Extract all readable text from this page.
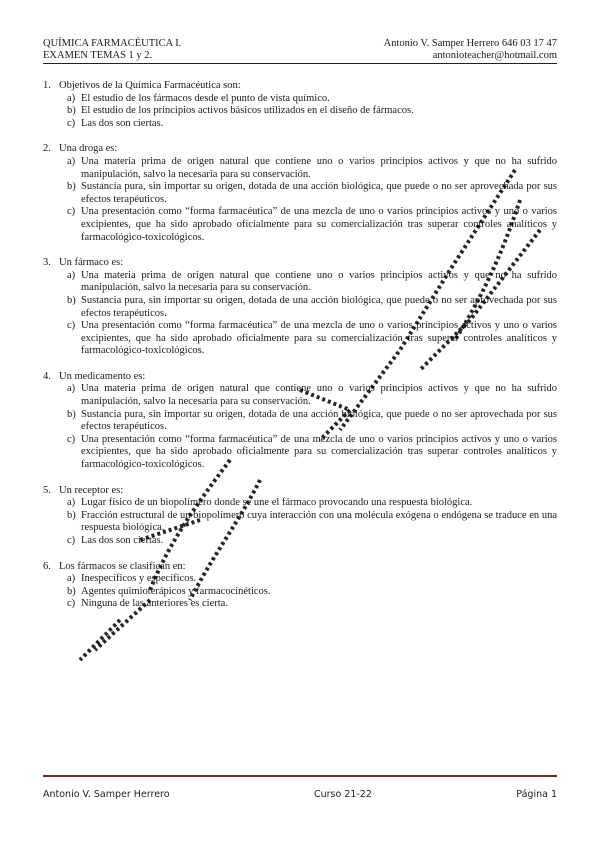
QUÍMICA FARMACÉUTICA I.	Antonio V. Samper Herrero 646 03 17 47
EXAMEN TEMAS 1 y 2.	antonioteacher@hotmail.com
1. Objetivos de la Química Farmacéutica son:
a) El estudio de los fármacos desde el punto de vista químico.
b) El estudio de los principios activos básicos utilizados en el diseño de fármacos.
c) Las dos son ciertas.
2. Una droga es:
a) Una materia prima de origen natural que contiene uno o varios principios activos y que no ha sufrido manipulación, salvo la necesaria para su conservación.
b) Sustancia pura, sin importar su origen, dotada de una acción biológica, que puede o no ser aprovechada por sus efectos terapéuticos.
c) Una presentación como “forma farmacéutica” de una mezcla de uno o varios principios activos y uno o varios excipientes, que ha sido aprobado oficialmente para su comercialización tras superar controles analíticos y farmacológico-toxicológicos.
3. Un fármaco es:
a) Una materia prima de origen natural que contiene uno o varios principios activos y que no ha sufrido manipulación, salvo la necesaria para su conservación.
b) Sustancia pura, sin importar su origen, dotada de una acción biológica, que puede o no ser aprovechada por sus efectos terapéuticos.
c) Una presentación como “forma farmacéutica” de una mezcla de uno o varios principios activos y uno o varios excipientes, que ha sido aprobado oficialmente para su comercialización tras superar controles analíticos y farmacológico-toxicológicos.
4. Un medicamento es:
a) Una materia prima de origen natural que contiene uno o varios principios activos y que no ha sufrido manipulación, salvo la necesaria para su conservación.
b) Sustancia pura, sin importar su origen, dotada de una acción biológica, que puede o no ser aprovechada por sus efectos terapéuticos.
c) Una presentación como “forma farmacéutica” de una mezcla de uno o varios principios activos y uno o varios excipientes, que ha sido aprobado oficialmente para su comercialización tras superar controles analíticos y farmacológico-toxicológicos.
5. Un receptor es:
a) Lugar físico de un biopolímero donde se une el fármaco provocando una respuesta biológica.
b) Fracción estructural de un biopolímero cuya interacción con una molécula exógena o endógena se traduce en una respuesta biológica.
c) Las dos son ciertas.
6. Los fármacos se clasifican en:
a) Inespecíficos y específicos.
b) Agentes quimioterápicos y farmacocinéticos.
c) Ninguna de las anteriores es cierta.
Antonio V. Samper Herrero	Curso 21-22	Página 1
